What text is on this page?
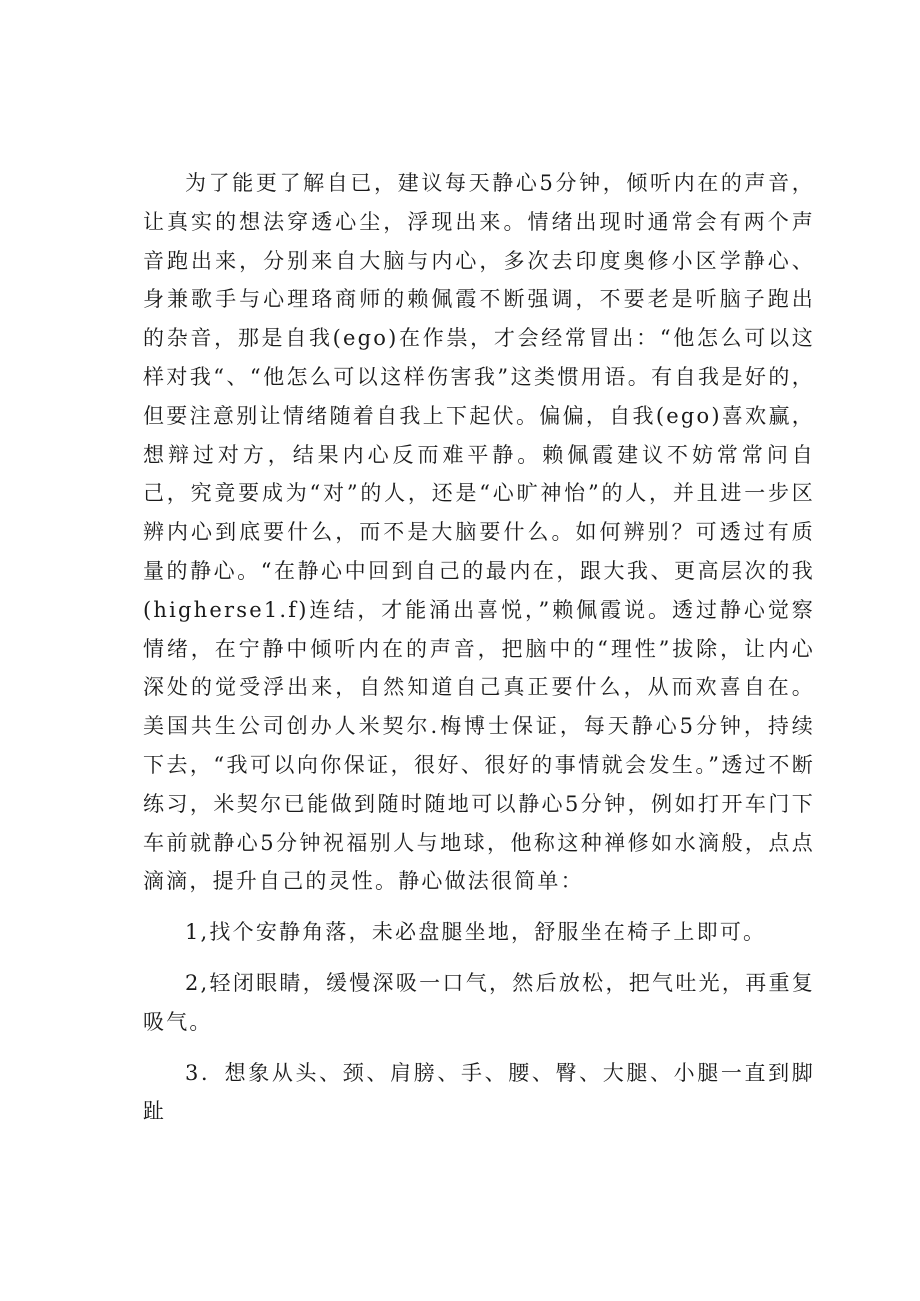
为了能更了解自已，建议每天静心5分钟，倾听内在的声音，让真实的想法穿透心尘，浮现出来。情绪出现时通常会有两个声音跑出来，分别来自大脑与内心，多次去印度奥修小区学静心、身兼歌手与心理珞商师的赖佩霞不断强调，不要老是听脑子跑出的杂音，那是自我(ego)在作祟，才会经常冒出：“他怎么可以这样对我“、“他怎么可以这样伤害我”这类惯用语。有自我是好的，但要注意别让情绪随着自我上下起伏。偏偏，自我(ego)喜欢赢，想辩过对方，结果内心反而难平静。赖佩霞建议不妨常常问自己，究竟要成为“对”的人，还是“心旷神怡”的人，并且进一步区辨内心到底要什么，而不是大脑要什么。如何辨别？可透过有质量的静心。“在静心中回到自己的最内在，跟大我、更高层次的我(higherse1.f)连结，才能涌出喜悦，”赖佩霞说。透过静心觉察情绪，在宁静中倾听内在的声音，把脑中的“理性”拔除，让内心深处的觉受浮出来，自然知道自己真正要什么，从而欢喜自在。美国共生公司创办人米契尔.梅博士保证，每天静心5分钟，持续下去，“我可以向你保证，很好、很好的事情就会发生。”透过不断练习，米契尔已能做到随时随地可以静心5分钟，例如打开车门下车前就静心5分钟祝福别人与地球，他称这种禅修如水滴般，点点滴滴，提升自己的灵性。静心做法很简单：

1,找个安静角落，未必盘腿坐地，舒服坐在椅子上即可。

2,轻闭眼睛，缓慢深吸一口气，然后放松，把气吐光，再重复吸气。

3．想象从头、颈、肩膀、手、腰、臀、大腿、小腿一直到脚趾
